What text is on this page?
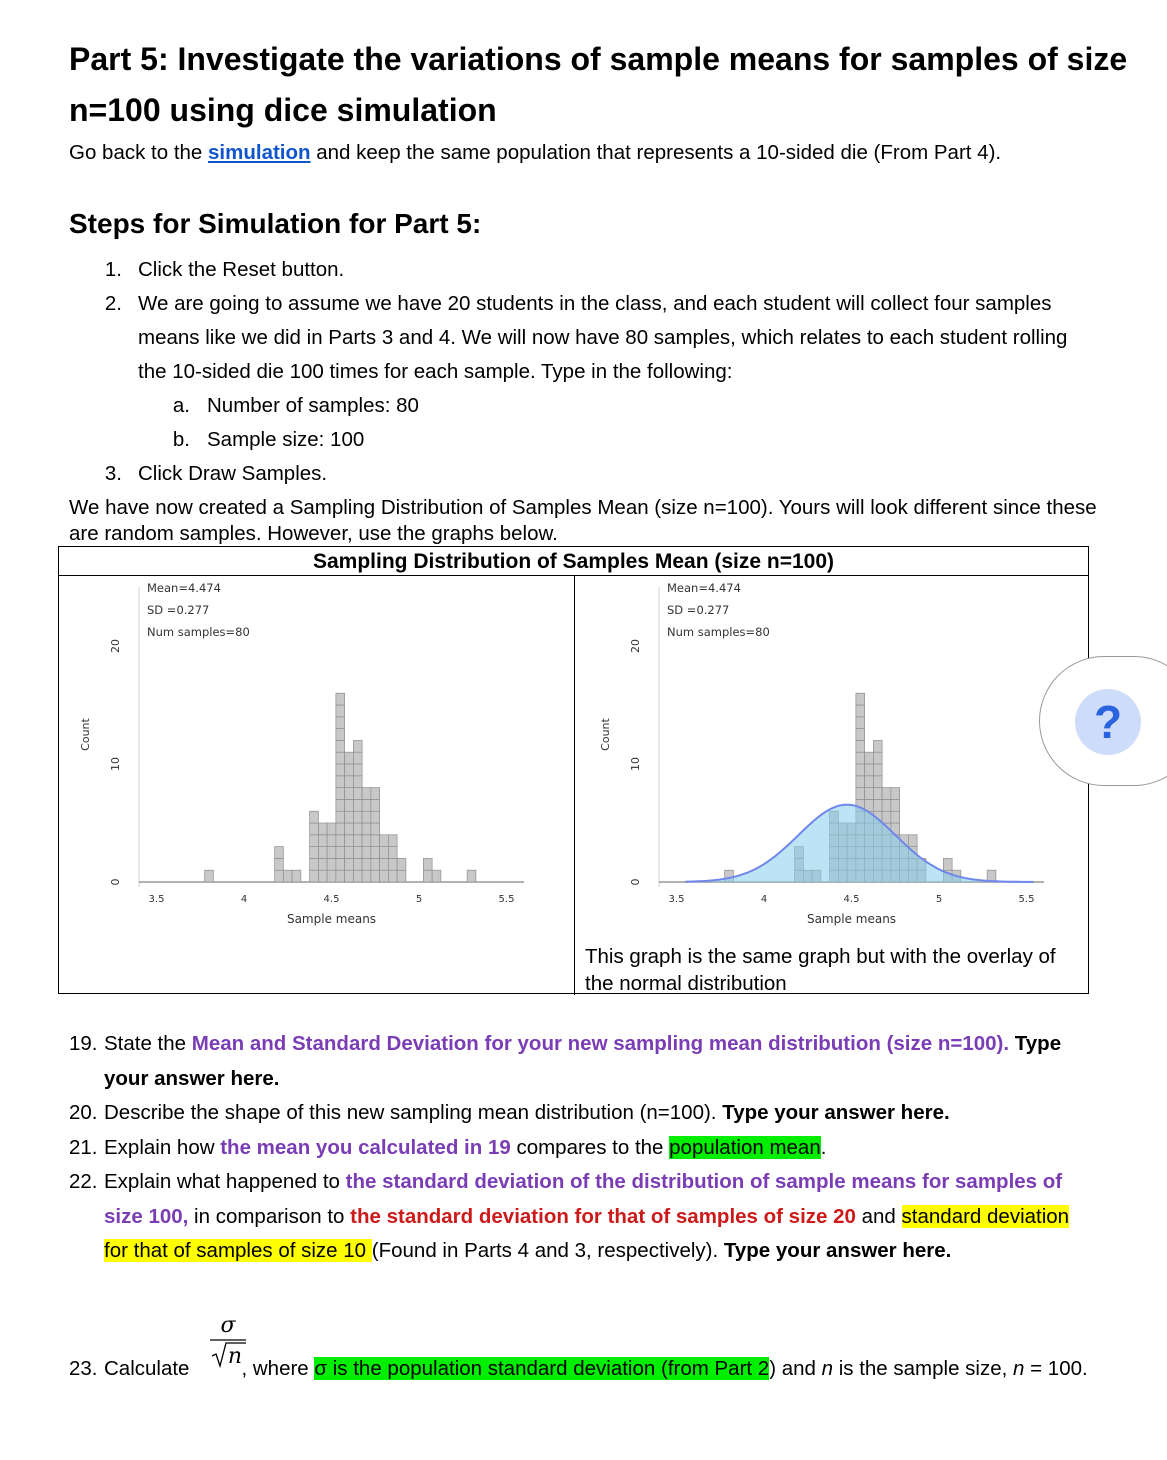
Part 5: Investigate the variations of sample means for samples of size n=100 using dice simulation
Go back to the simulation and keep the same population that represents a 10-sided die (From Part 4).
Steps for Simulation for Part 5:
1. Click the Reset button.
2. We are going to assume we have 20 students in the class, and each student will collect four samples means like we did in Parts 3 and 4. We will now have 80 samples, which relates to each student rolling the 10-sided die 100 times for each sample. Type in the following:
a. Number of samples: 80
b. Sample size: 100
3. Click Draw Samples.
We have now created a Sampling Distribution of Samples Mean (size n=100). Yours will look different since these are random samples. However, use the graphs below.
Sampling Distribution of Samples Mean (size n=100)
3.5	4	4.5	5	5.5
Sample means
0
10
20
Count
Mean=4.474
SD =0.277
Num samples=80
3.5	4	4.5	5	5.5
Sample means
0
10
20
Count
Mean=4.474
SD =0.277
Num samples=80
This graph is the same graph but with the overlay of the normal distribution
?
19. State the Mean and Standard Deviation for your new sampling mean distribution (size n=100). Type your answer here.
20. Describe the shape of this new sampling mean distribution (n=100). Type your answer here.
21. Explain how the mean you calculated in 19 compares to the population mean.
22. Explain what happened to the standard deviation of the distribution of sample means for samples of size 100, in comparison to the standard deviation for that of samples of size 20 and standard deviation for that of samples of size 10 (Found in Parts 4 and 3, respectively). Type your answer here.
23. Calculate	, where σ is the population standard deviation (from Part 2) and n is the sample size, n = 100.
σ
n
